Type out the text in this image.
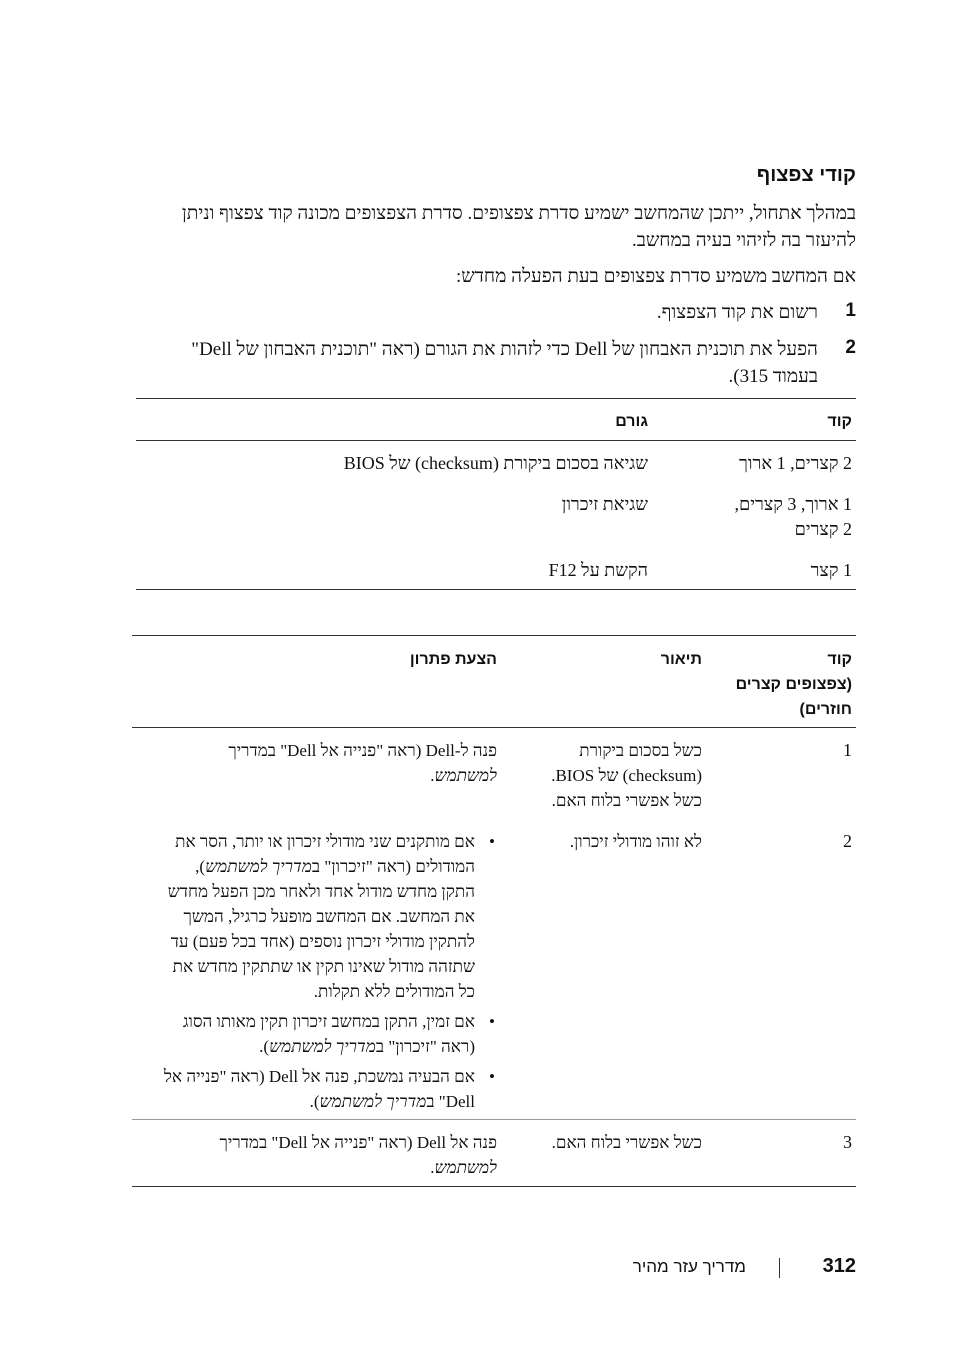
קודי צפצוף
במהלך אתחול, ייתכן שהמחשב ישמיע סדרת צפצופים. סדרת הצפצופים מכונה קוד צפצוף וניתן
להיעזר בה לזיהוי בעיה במחשב.
אם המחשב משמיע סדרת צפצופים בעת הפעלה מחדש:
1
רשום את קוד הצפצוף.
2
הפעל את תוכנית האבחון של Dell כדי לזהות את הגורם (ראה "תוכנית האבחון של Dell"
בעמוד 315).
קוד
גורם
2 קצרים, 1 ארוך
שגיאה בסכום ביקורת (checksum) של BIOS
1 ארוך, 3 קצרים,
2 קצרים
שגיאת זיכרון
1 קצר
הקשת על F12
קוד
(צפצופים קצרים
חוזרים)
תיאור
הצעת פתרון
1
כשל בסכום ביקורת
(checksum) של BIOS.
כשל אפשרי בלוח האם.
פנה ל-Dell (ראה "פנייה אל Dell" במדריך
למשתמש.
2
לא זוהו מודולי זיכרון.
•
אם מותקנים שני מודולי זיכרון או יותר, הסר את
המודולים (ראה "זיכרון" במדריך למשתמש),
התקן מחדש מודול אחד ולאחר מכן הפעל מחדש
את המחשב. אם המחשב מופעל כרגיל, המשך
להתקין מודולי זיכרון נוספים (אחד בכל פעם) עד
שתזהה מודול שאינו תקין או שתתקין מחדש את
כל המודולים ללא תקלות.
•
אם זמין, התקן במחשב זיכרון תקין מאותו הסוג
(ראה "זיכרון" במדריך למשתמש).
•
אם הבעיה נמשכת, פנה אל Dell (ראה "פנייה אל
Dell" במדריך למשתמש).
3
כשל אפשרי בלוח האם.
פנה אל Dell (ראה "פנייה אל Dell" במדריך
למשתמש.
312
מדריך עזר מהיר
